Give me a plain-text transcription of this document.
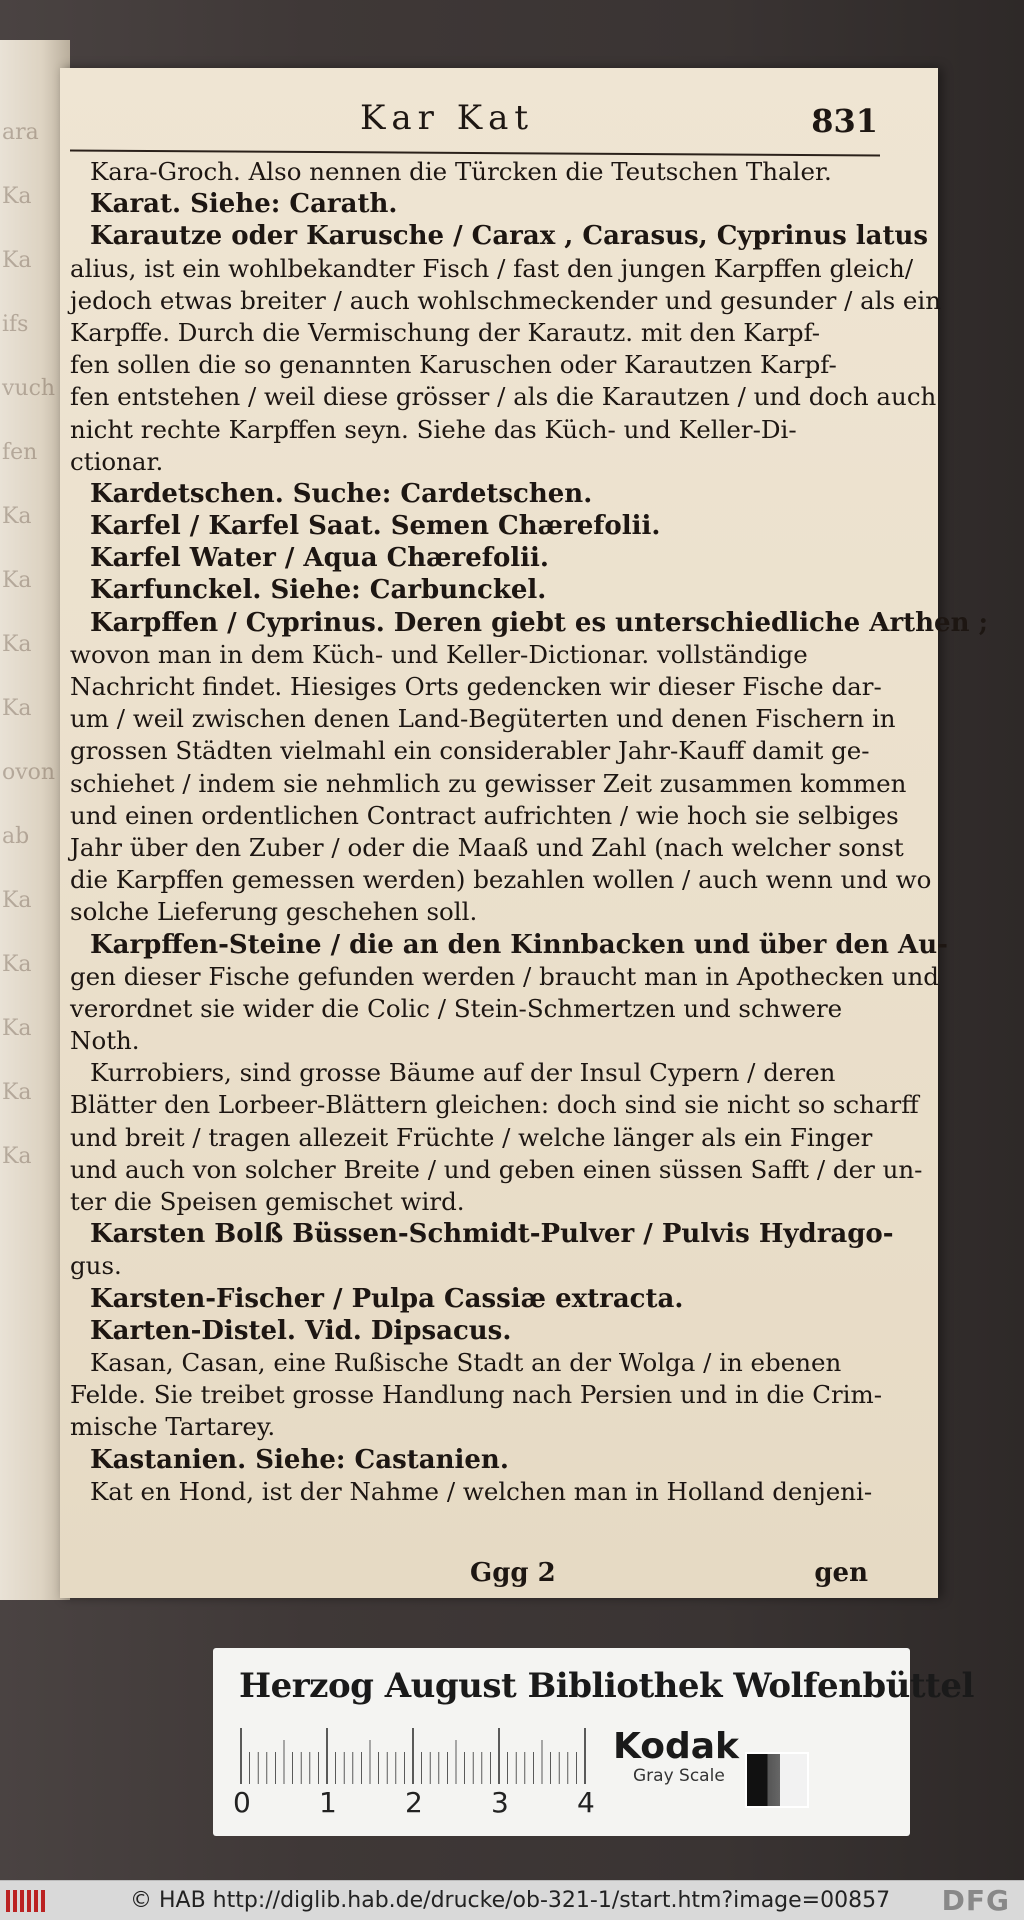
ara
Ka
Ka
ifs
vuch
fen
Ka
Ka
Ka
Ka
ovon
ab
Ka
Ka
Ka
Ka
Ka
Kar Kat	831
Kara-Groch. Also nennen die Türcken die Teutschen Thaler.
Karat. Siehe: Carath.
Karautze oder Karusche / Carax , Carasus, Cyprinus latus
alius, ist ein wohlbekandter Fisch / fast den jungen Karpffen gleich/
jedoch etwas breiter / auch wohlschmeckender und gesunder / als ein
Karpffe. Durch die Vermischung der Karautz. mit den Karpf-
fen sollen die so genannten Karuschen oder Karautzen Karpf-
fen entstehen / weil diese grösser / als die Karautzen / und doch auch
nicht rechte Karpffen seyn. Siehe das Küch- und Keller-Di-
ctionar.
Kardetschen. Suche: Cardetschen.
Karfel / Karfel Saat. Semen Chærefolii.
Karfel Water / Aqua Chærefolii.
Karfunckel. Siehe: Carbunckel.
Karpffen / Cyprinus. Deren giebt es unterschiedliche Arthen ;
wovon man in dem Küch- und Keller-Dictionar. vollständige
Nachricht findet. Hiesiges Orts gedencken wir dieser Fische dar-
um / weil zwischen denen Land-Begüterten und denen Fischern in
grossen Städten vielmahl ein considerabler Jahr-Kauff damit ge-
schiehet / indem sie nehmlich zu gewisser Zeit zusammen kommen
und einen ordentlichen Contract aufrichten / wie hoch sie selbiges
Jahr über den Zuber / oder die Maaß und Zahl (nach welcher sonst
die Karpffen gemessen werden) bezahlen wollen / auch wenn und wo
solche Lieferung geschehen soll.
Karpffen-Steine / die an den Kinnbacken und über den Au-
gen dieser Fische gefunden werden / braucht man in Apothecken und
verordnet sie wider die Colic / Stein-Schmertzen und schwere
Noth.
Kurrobiers, sind grosse Bäume auf der Insul Cypern / deren
Blätter den Lorbeer-Blättern gleichen: doch sind sie nicht so scharff
und breit / tragen allezeit Früchte / welche länger als ein Finger
und auch von solcher Breite / und geben einen süssen Safft / der un-
ter die Speisen gemischet wird.
Karsten Bolß Büssen-Schmidt-Pulver / Pulvis Hydrago-
gus.
Karsten-Fischer / Pulpa Cassiæ extracta.
Karten-Distel. Vid. Dipsacus.
Kasan, Casan, eine Rußische Stadt an der Wolga / in ebenen
Felde. Sie treibet grosse Handlung nach Persien und in die Crim-
mische Tartarey.
Kastanien. Siehe: Castanien.
Kat en Hond, ist der Nahme / welchen man in Holland denjeni-
Ggg 2	gen
Herzog August Bibliothek Wolfenbüttel
0 1 2 3 4
Kodak
Gray Scale
© HAB http://diglib.hab.de/drucke/ob-321-1/start.htm?image=00857 DFG
